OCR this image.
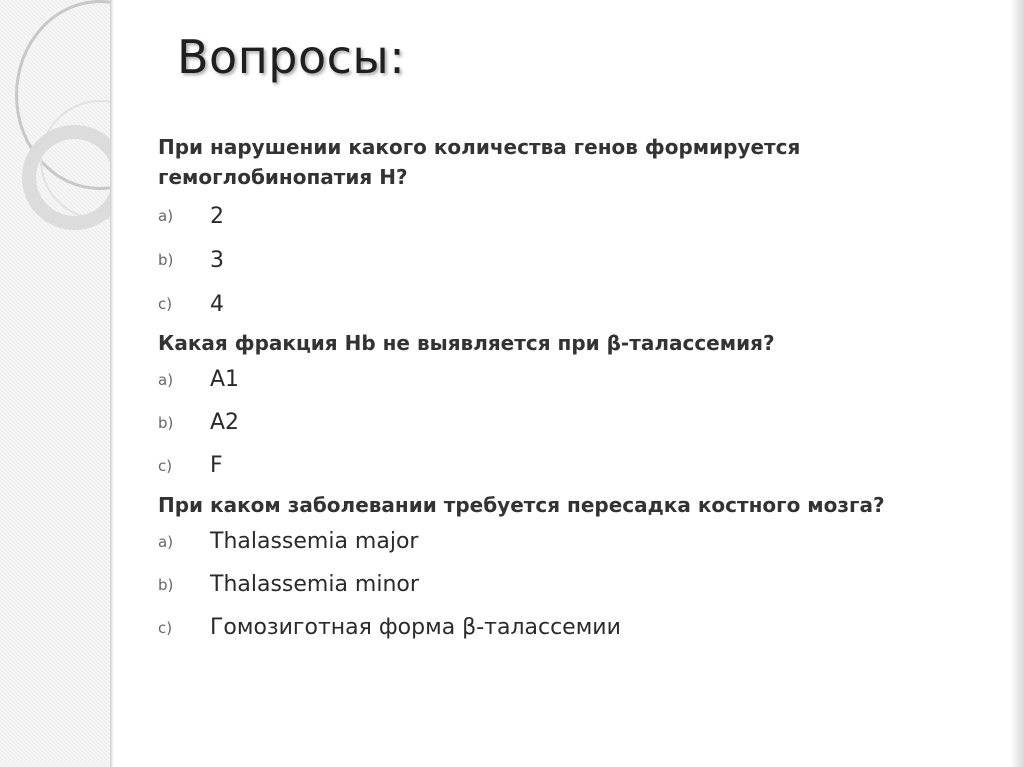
Вопросы:

При нарушении какого количества генов формируется гемоглобинопатия Н?

a)	2
b)	3
c)	4

Какая фракция Hb не выявляется при β-талассемия?

a)	A1
b)	A2
c)	F

При каком заболевании требуется пересадка костного мозга?

a)	Thalassemia major
b)	Thalassemia minor
c)	Гомозиготная форма β-талассемии
